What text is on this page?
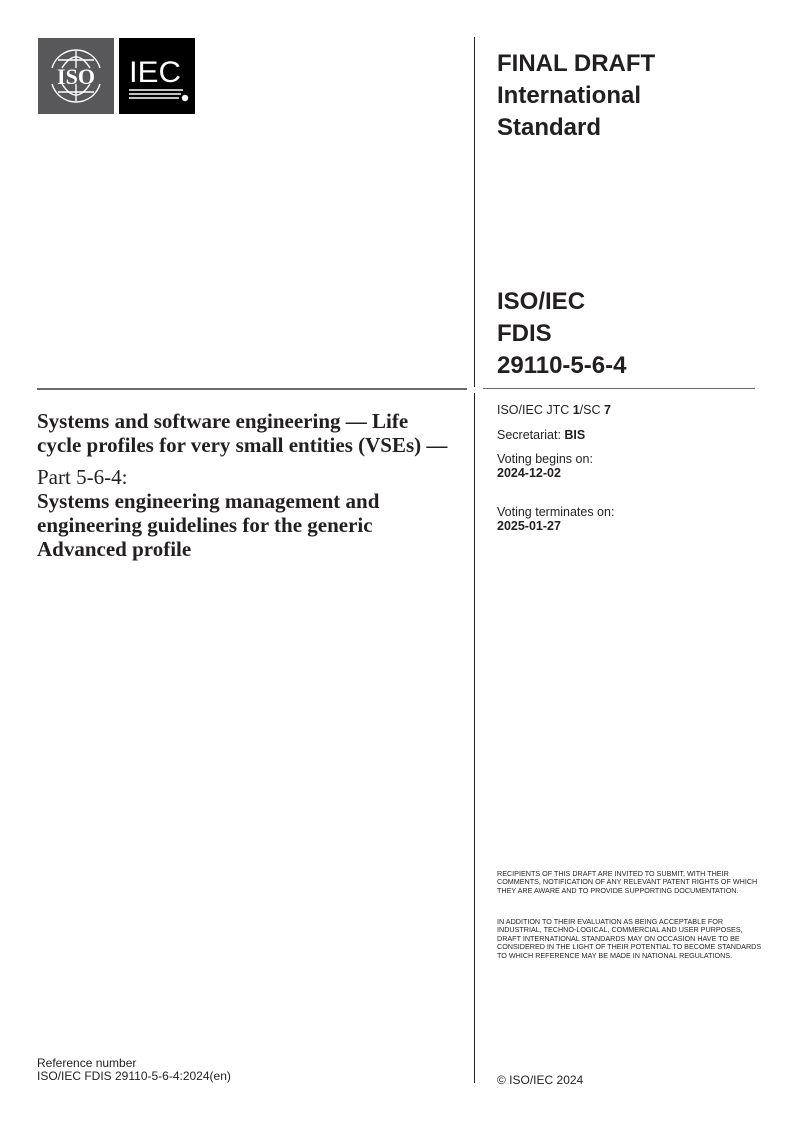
ISO IEC	FINAL DRAFT
International
Standard
ISO/IEC
FDIS
29110-5-6-4
ISO/IEC JTC 1/SC 7
Secretariat: BIS
Voting begins on:
2024-12-02
Voting terminates on:
2025-01-27
RECIPIENTS OF THIS DRAFT ARE INVITED TO SUBMIT, WITH THEIR COMMENTS, NOTIFICATION OF ANY RELEVANT PATENT RIGHTS OF WHICH THEY ARE AWARE AND TO PROVIDE SUPPORTING DOCUMENTATION.
IN ADDITION TO THEIR EVALUATION AS BEING ACCEPTABLE FOR INDUSTRIAL, TECHNO-LOGICAL, COMMERCIAL AND USER PURPOSES, DRAFT INTERNATIONAL STANDARDS MAY ON OCCASION HAVE TO BE CONSIDERED IN THE LIGHT OF THEIR POTENTIAL TO BECOME STANDARDS TO WHICH REFERENCE MAY BE MADE IN NATIONAL REGULATIONS.
© ISO/IEC 2024
Systems and software engineering — Life cycle profiles for very small entities (VSEs) —
Part 5-6-4:
Systems engineering management and engineering guidelines for the generic Advanced profile
Reference number
ISO/IEC FDIS 29110-5-6-4:2024(en)
